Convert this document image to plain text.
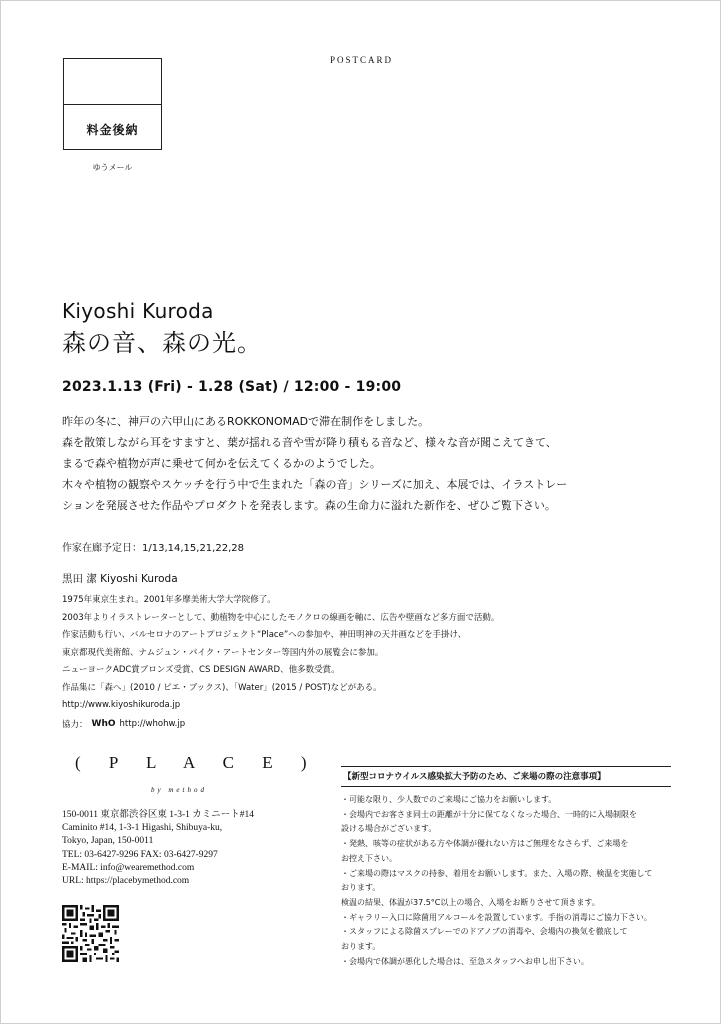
POSTCARD
料金後納
ゆうメール
Kiyoshi Kuroda
森の音、森の光。
2023.1.13 (Fri) - 1.28 (Sat) / 12:00 - 19:00
昨年の冬に、神戸の六甲山にあるROKKONOMADで滞在制作をしました。
森を散策しながら耳をすますと、葉が揺れる音や雪が降り積もる音など、様々な音が聞こえてきて、
まるで森や植物が声に乗せて何かを伝えてくるかのようでした。
木々や植物の観察やスケッチを行う中で生まれた「森の音」シリーズに加え、本展では、イラストレー
ションを発展させた作品やプロダクトを発表します。森の生命力に溢れた新作を、ぜひご覧下さい。
作家在廊予定日：1/13,14,15,21,22,28
黒田 潔 Kiyoshi Kuroda
1975年東京生まれ。2001年多摩美術大学大学院修了。
2003年よりイラストレーターとして、動植物を中心にしたモノクロの線画を軸に、広告や壁画など多方面で活動。
作家活動も行い、バルセロナのアートプロジェクト“Place”への参加や、神田明神の天井画などを手掛け、
東京都現代美術館、ナムジュン・パイク・アートセンター等国内外の展覧会に参加。
ニューヨークADC賞ブロンズ受賞、CS DESIGN AWARD、他多数受賞。
作品集に「森へ」(2010 / ピエ・ブックス)、「Water」(2015 / POST)などがある。
http://www.kiyoshikuroda.jp
協力： WhO http://whohw.jp
( P L A C E )
by method
150-0011 東京都渋谷区東 1-3-1 カミニート#14
Caminito #14, 1-3-1 Higashi, Shibuya-ku,
Tokyo, Japan, 150-0011
TEL: 03-6427-9296 FAX: 03-6427-9297
E-MAIL: info@wearemethod.com
URL: https://placebymethod.com
【新型コロナウイルス感染拡大予防のため、ご来場の際の注意事項】
・可能な限り、少人数でのご来場にご協力をお願いします。
・会場内でお客さま同士の距離が十分に保てなくなった場合、一時的に入場制限を
設ける場合がございます。
・発熱、咳等の症状がある方や体調が優れない方はご無理をなさらず、ご来場を
お控え下さい。
・ご来場の際はマスクの持参、着用をお願いします。また、入場の際、検温を実施して
おります。
検温の結果、体温が37.5°C以上の場合、入場をお断りさせて頂きます。
・ギャラリー入口に除菌用アルコールを設置しています。手指の消毒にご協力下さい。
・スタッフによる除菌スプレーでのドアノブの消毒や、会場内の換気を徹底して
おります。
・会場内で体調が悪化した場合は、至急スタッフへお申し出下さい。
